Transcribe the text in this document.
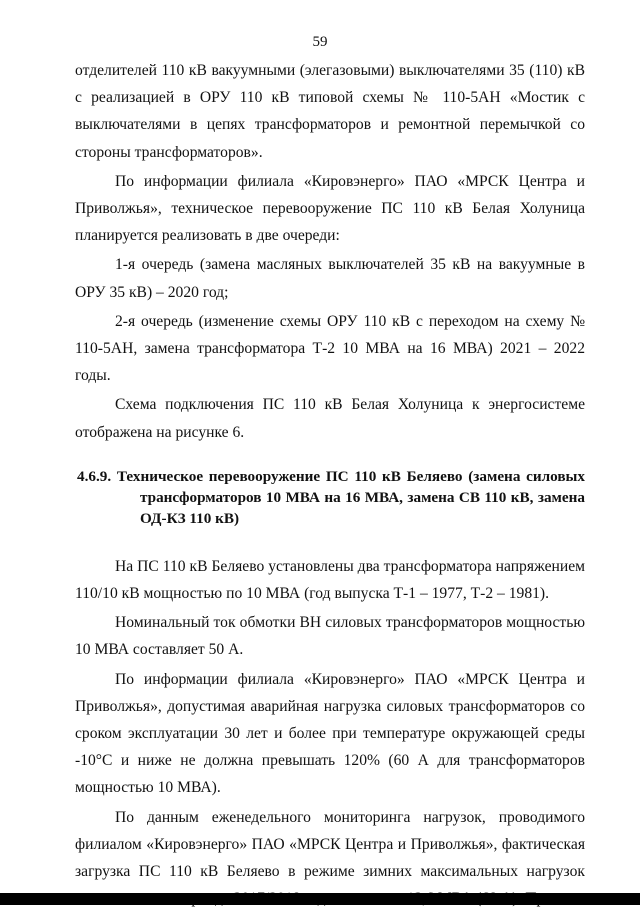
59

отделителей 110 кВ вакуумными (элегазовыми) выключателями 35 (110) кВ с реализацией в ОРУ 110 кВ типовой схемы № 110-5АН «Мостик с выключателями в цепях трансформаторов и ремонтной перемычкой со стороны трансформаторов».

По информации филиала «Кировэнерго» ПАО «МРСК Центра и Приволжья», техническое перевооружение ПС 110 кВ Белая Холуница планируется реализовать в две очереди:

1-я очередь (замена масляных выключателей 35 кВ на вакуумные в ОРУ 35 кВ) – 2020 год;

2-я очередь (изменение схемы ОРУ 110 кВ с переходом на схему № 110-5АН, замена трансформатора Т-2 10 МВА на 16 МВА) 2021 – 2022 годы.

Схема подключения ПС 110 кВ Белая Холуница к энергосистеме отображена на рисунке 6.

4.6.9. Техническое перевооружение ПС 110 кВ Беляево (замена силовых трансформаторов 10 МВА на 16 МВА, замена СВ 110 кВ, замена ОД-КЗ 110 кВ)

На ПС 110 кВ Беляево установлены два трансформатора напряжением 110/10 кВ мощностью по 10 МВА (год выпуска Т-1 – 1977, Т-2 – 1981).

Номинальный ток обмотки ВН силовых трансформаторов мощностью 10 МВА составляет 50 А.

По информации филиала «Кировэнерго» ПАО «МРСК Центра и Приволжья», допустимая аварийная нагрузка силовых трансформаторов со сроком эксплуатации 30 лет и более при температуре окружающей среды -10°С и ниже не должна превышать 120% (60 А для трансформаторов мощностью 10 МВА).

По данным еженедельного мониторинга нагрузок, проводимого филиалом «Кировэнерго» ПАО «МРСК Центра и Приволжья», фактическая загрузка ПС 110 кВ Беляево в режиме зимних максимальных нагрузок
